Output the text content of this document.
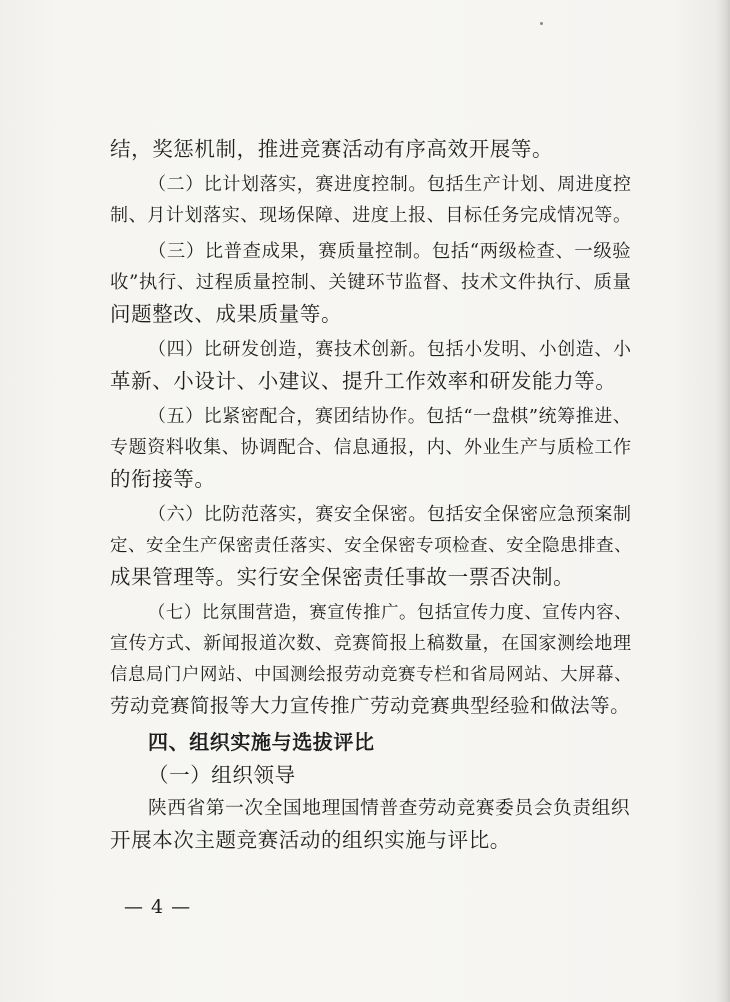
结，奖惩机制，推进竞赛活动有序高效开展等。
（二）比计划落实，赛进度控制。包括生产计划、周进度控
制、月计划落实、现场保障、进度上报、目标任务完成情况等。
（三）比普查成果，赛质量控制。包括“两级检查、一级验
收”执行、过程质量控制、关键环节监督、技术文件执行、质量
问题整改、成果质量等。
（四）比研发创造，赛技术创新。包括小发明、小创造、小
革新、小设计、小建议、提升工作效率和研发能力等。
（五）比紧密配合，赛团结协作。包括“一盘棋”统筹推进、
专题资料收集、协调配合、信息通报，内、外业生产与质检工作
的衔接等。
（六）比防范落实，赛安全保密。包括安全保密应急预案制
定、安全生产保密责任落实、安全保密专项检查、安全隐患排查、
成果管理等。实行安全保密责任事故一票否决制。
（七）比氛围营造，赛宣传推广。包括宣传力度、宣传内容、
宣传方式、新闻报道次数、竞赛简报上稿数量，在国家测绘地理
信息局门户网站、中国测绘报劳动竞赛专栏和省局网站、大屏幕、
劳动竞赛简报等大力宣传推广劳动竞赛典型经验和做法等。
四、组织实施与选拔评比
（一）组织领导
陕西省第一次全国地理国情普查劳动竞赛委员会负责组织
开展本次主题竞赛活动的组织实施与评比。
— 4 —
